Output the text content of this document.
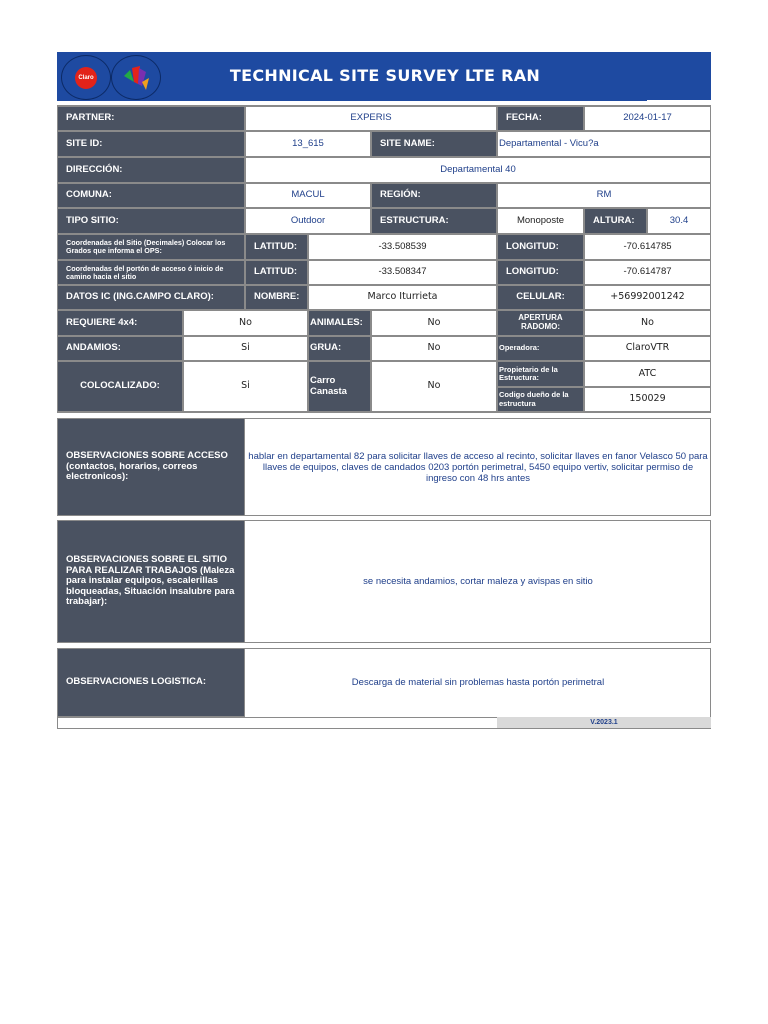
Claro	TECHNICAL SITE SURVEY LTE RAN
PARTNER:	EXPERIS	FECHA:	2024-01-17
SITE ID:	13_615	SITE NAME:	Departamental - Vicu?a
DIRECCIÓN:	Departamental 40
COMUNA:	MACUL	REGIÓN:	RM
TIPO SITIO:	Outdoor	ESTRUCTURA:	Monoposte	ALTURA:	30.4
Coordenadas del Sitio (Decimales) Colocar los Grados que informa el OPS:	LATITUD:	-33.508539	LONGITUD:	-70.614785
Coordenadas del portón de acceso ó inicio de camino hacia el sitio	LATITUD:	-33.508347	LONGITUD:	-70.614787
DATOS IC (ING.CAMPO CLARO):	NOMBRE:	Marco Iturrieta	CELULAR:	+56992001242
REQUIERE 4x4:	No	ANIMALES:	No	APERTURA RADOMO:	No
ANDAMIOS:	Si	GRUA:	No	Operadora:	ClaroVTR
COLOCALIZADO:	Si	Carro Canasta	No
Propietario de la Estructura:	ATC
Codigo dueño de la estructura	150029
OBSERVACIONES SOBRE ACCESO (contactos, horarios, correos electronicos):
hablar en departamental 82 para solicitar llaves de acceso al recinto, solicitar llaves en fanor Velasco 50 para llaves de equipos, claves de candados 0203 portón perimetral, 5450 equipo vertiv, solicitar permiso de ingreso con 48 hrs antes
OBSERVACIONES SOBRE EL SITIO PARA REALIZAR TRABAJOS (Maleza para instalar equipos, escalerillas bloqueadas, Situación insalubre para trabajar):
se necesita andamios, cortar maleza y avispas en sitio
OBSERVACIONES LOGISTICA:	Descarga de material sin problemas hasta portón perimetral
V.2023.1
